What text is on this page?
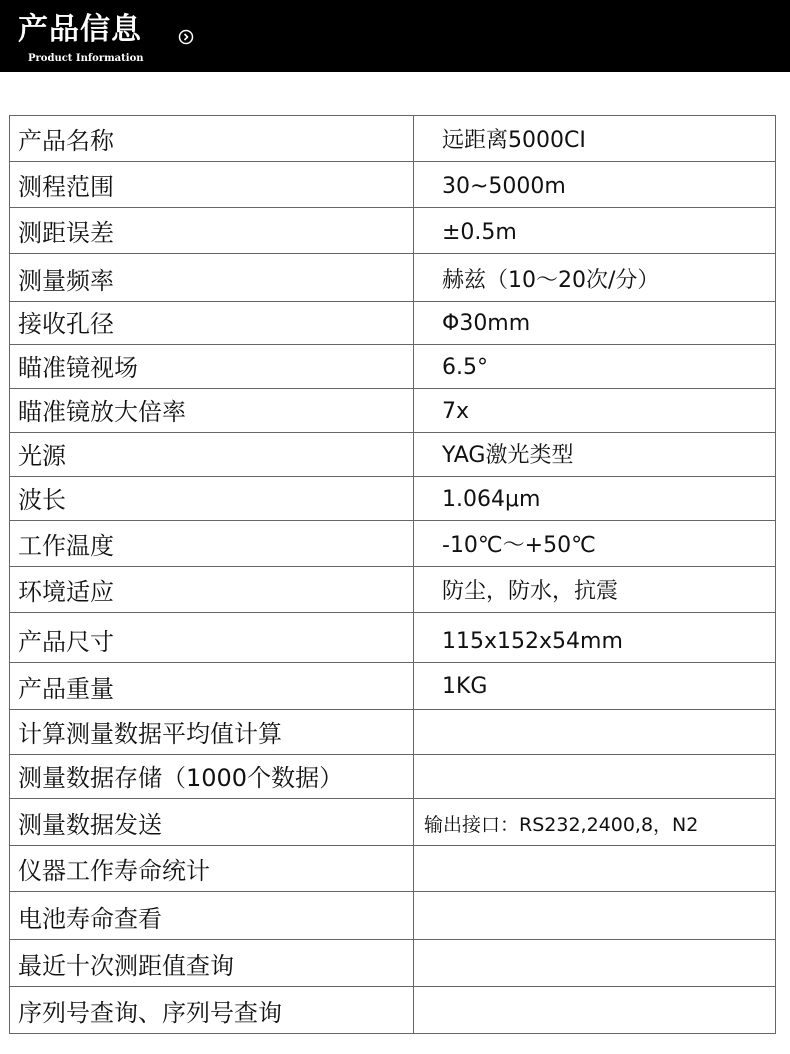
产品信息
Product Information
产品名称	远距离5000CI
测程范围	30~5000m
测距误差	±0.5m
测量频率	赫兹（10～20次/分）
接收孔径	Φ30mm
瞄准镜视场	6.5°
瞄准镜放大倍率	7x
光源	YAG激光类型
波长	1.064μm
工作温度	-10℃～+50℃
环境适应	防尘，防水，抗震
产品尺寸	115x152x54mm
产品重量	1KG
计算测量数据平均值计算	
测量数据存储（1000个数据）	
测量数据发送	输出接口：RS232,2400,8，N2
仪器工作寿命统计	
电池寿命查看	
最近十次测距值查询	
序列号查询、序列号查询	
